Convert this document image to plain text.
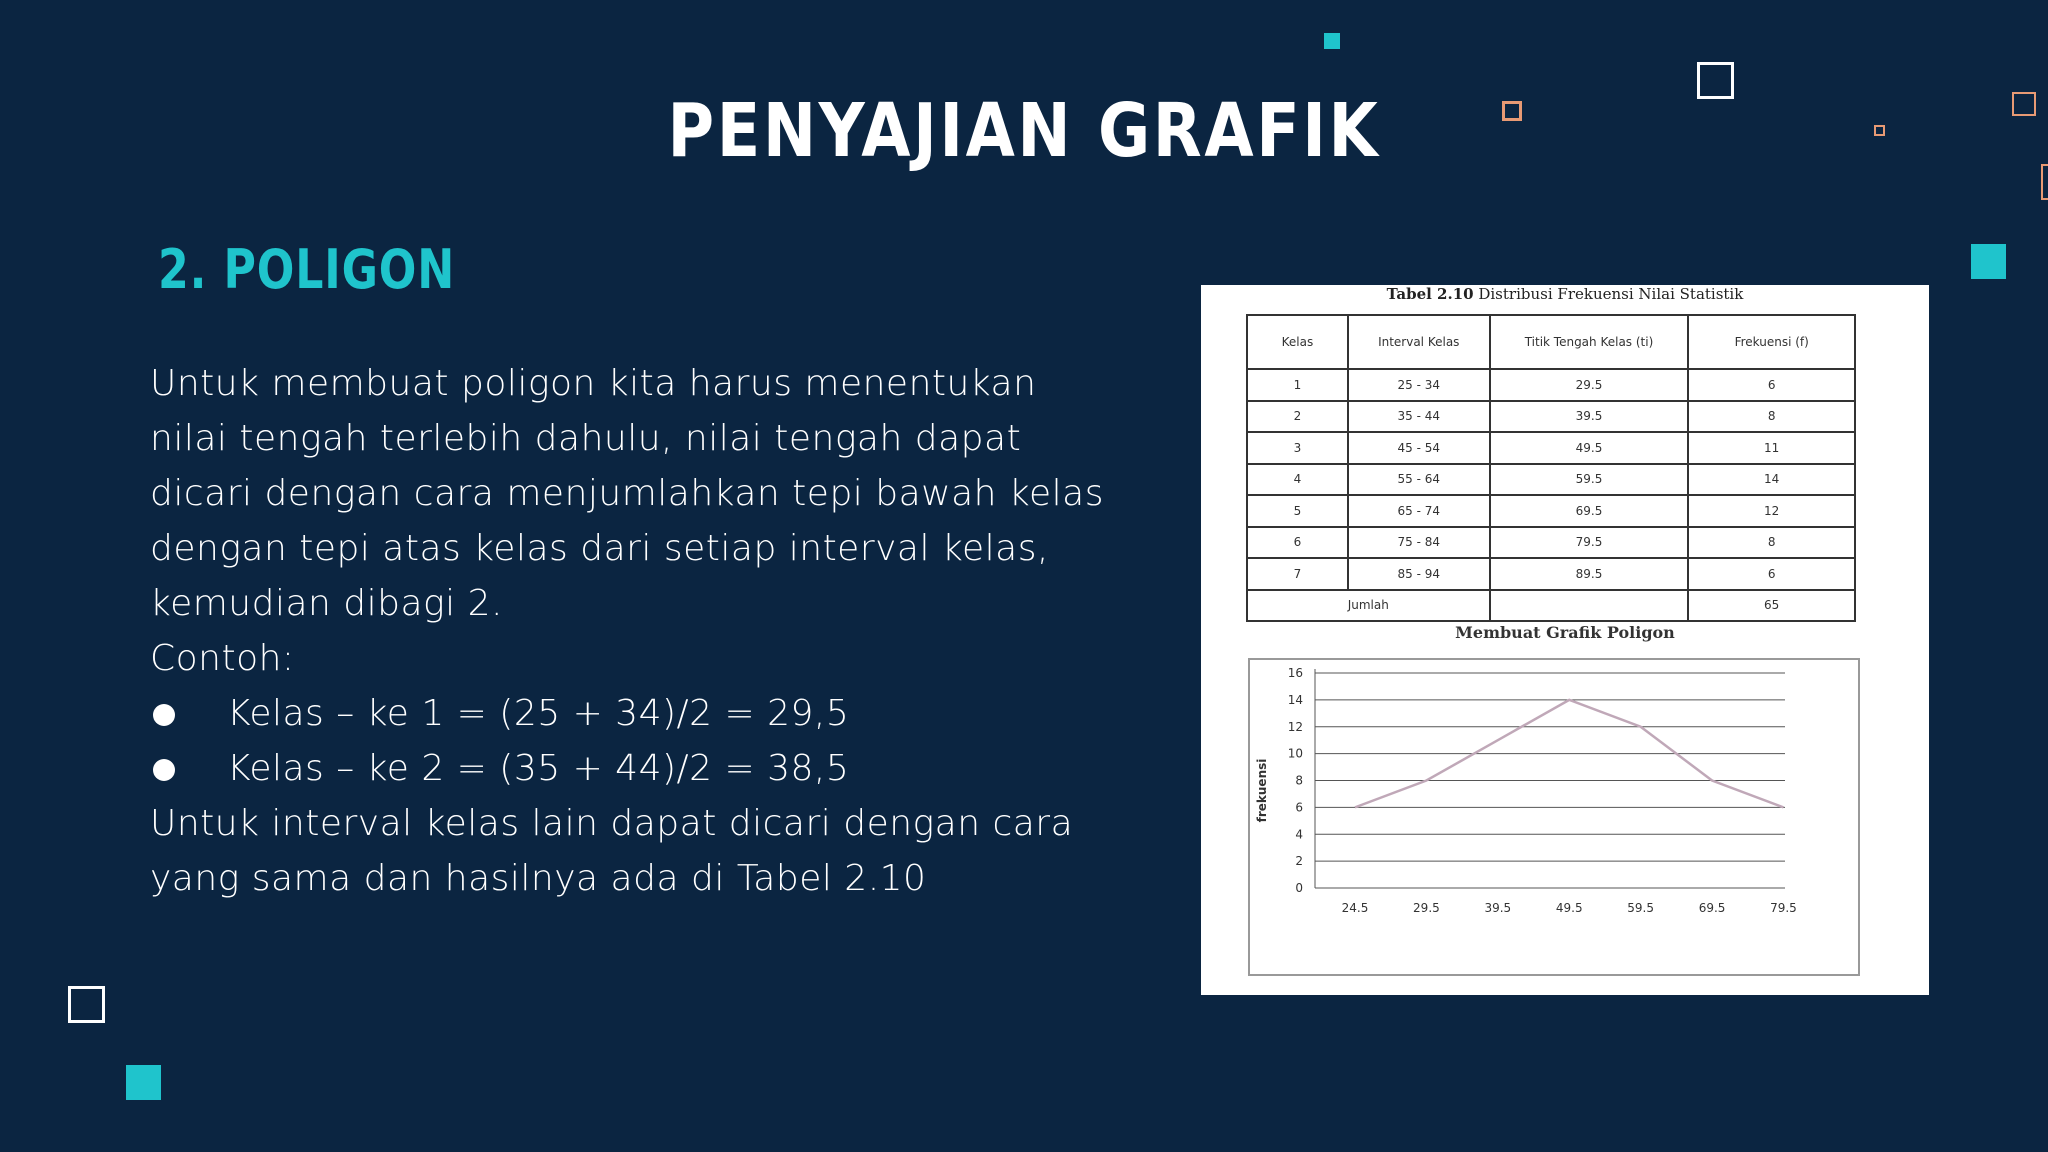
PENYAJIAN GRAFIK
2. POLIGON

Untuk membuat poligon kita harus menentukan nilai tengah terlebih dahulu, nilai tengah dapat dicari dengan cara menjumlahkan tepi bawah kelas dengan tepi atas kelas dari setiap interval kelas, kemudian dibagi 2.

Contoh:

Kelas – ke 1 = (25 + 34)/2 = 29,5

Kelas – ke 2 = (35 + 44)/2 = 38,5

Untuk interval kelas lain dapat dicari dengan cara yang sama dan hasilnya ada di Tabel 2.10

Tabel 2.10 Distribusi Frekuensi Nilai Statistik
Kelas	Interval Kelas	Titik Tengah Kelas (ti)	Frekuensi (f)
1	25 - 34	29.5	6
2	35 - 44	39.5	8
3	45 - 54	49.5	11
4	55 - 64	59.5	14
5	65 - 74	69.5	12
6	75 - 84	79.5	8
7	85 - 94	89.5	6
Jumlah			65
Membuat Grafik Poligon
0
2
4
6
8
10
12
14
16
24.5	29.5	39.5	49.5	59.5	69.5	79.5
frekuensi
